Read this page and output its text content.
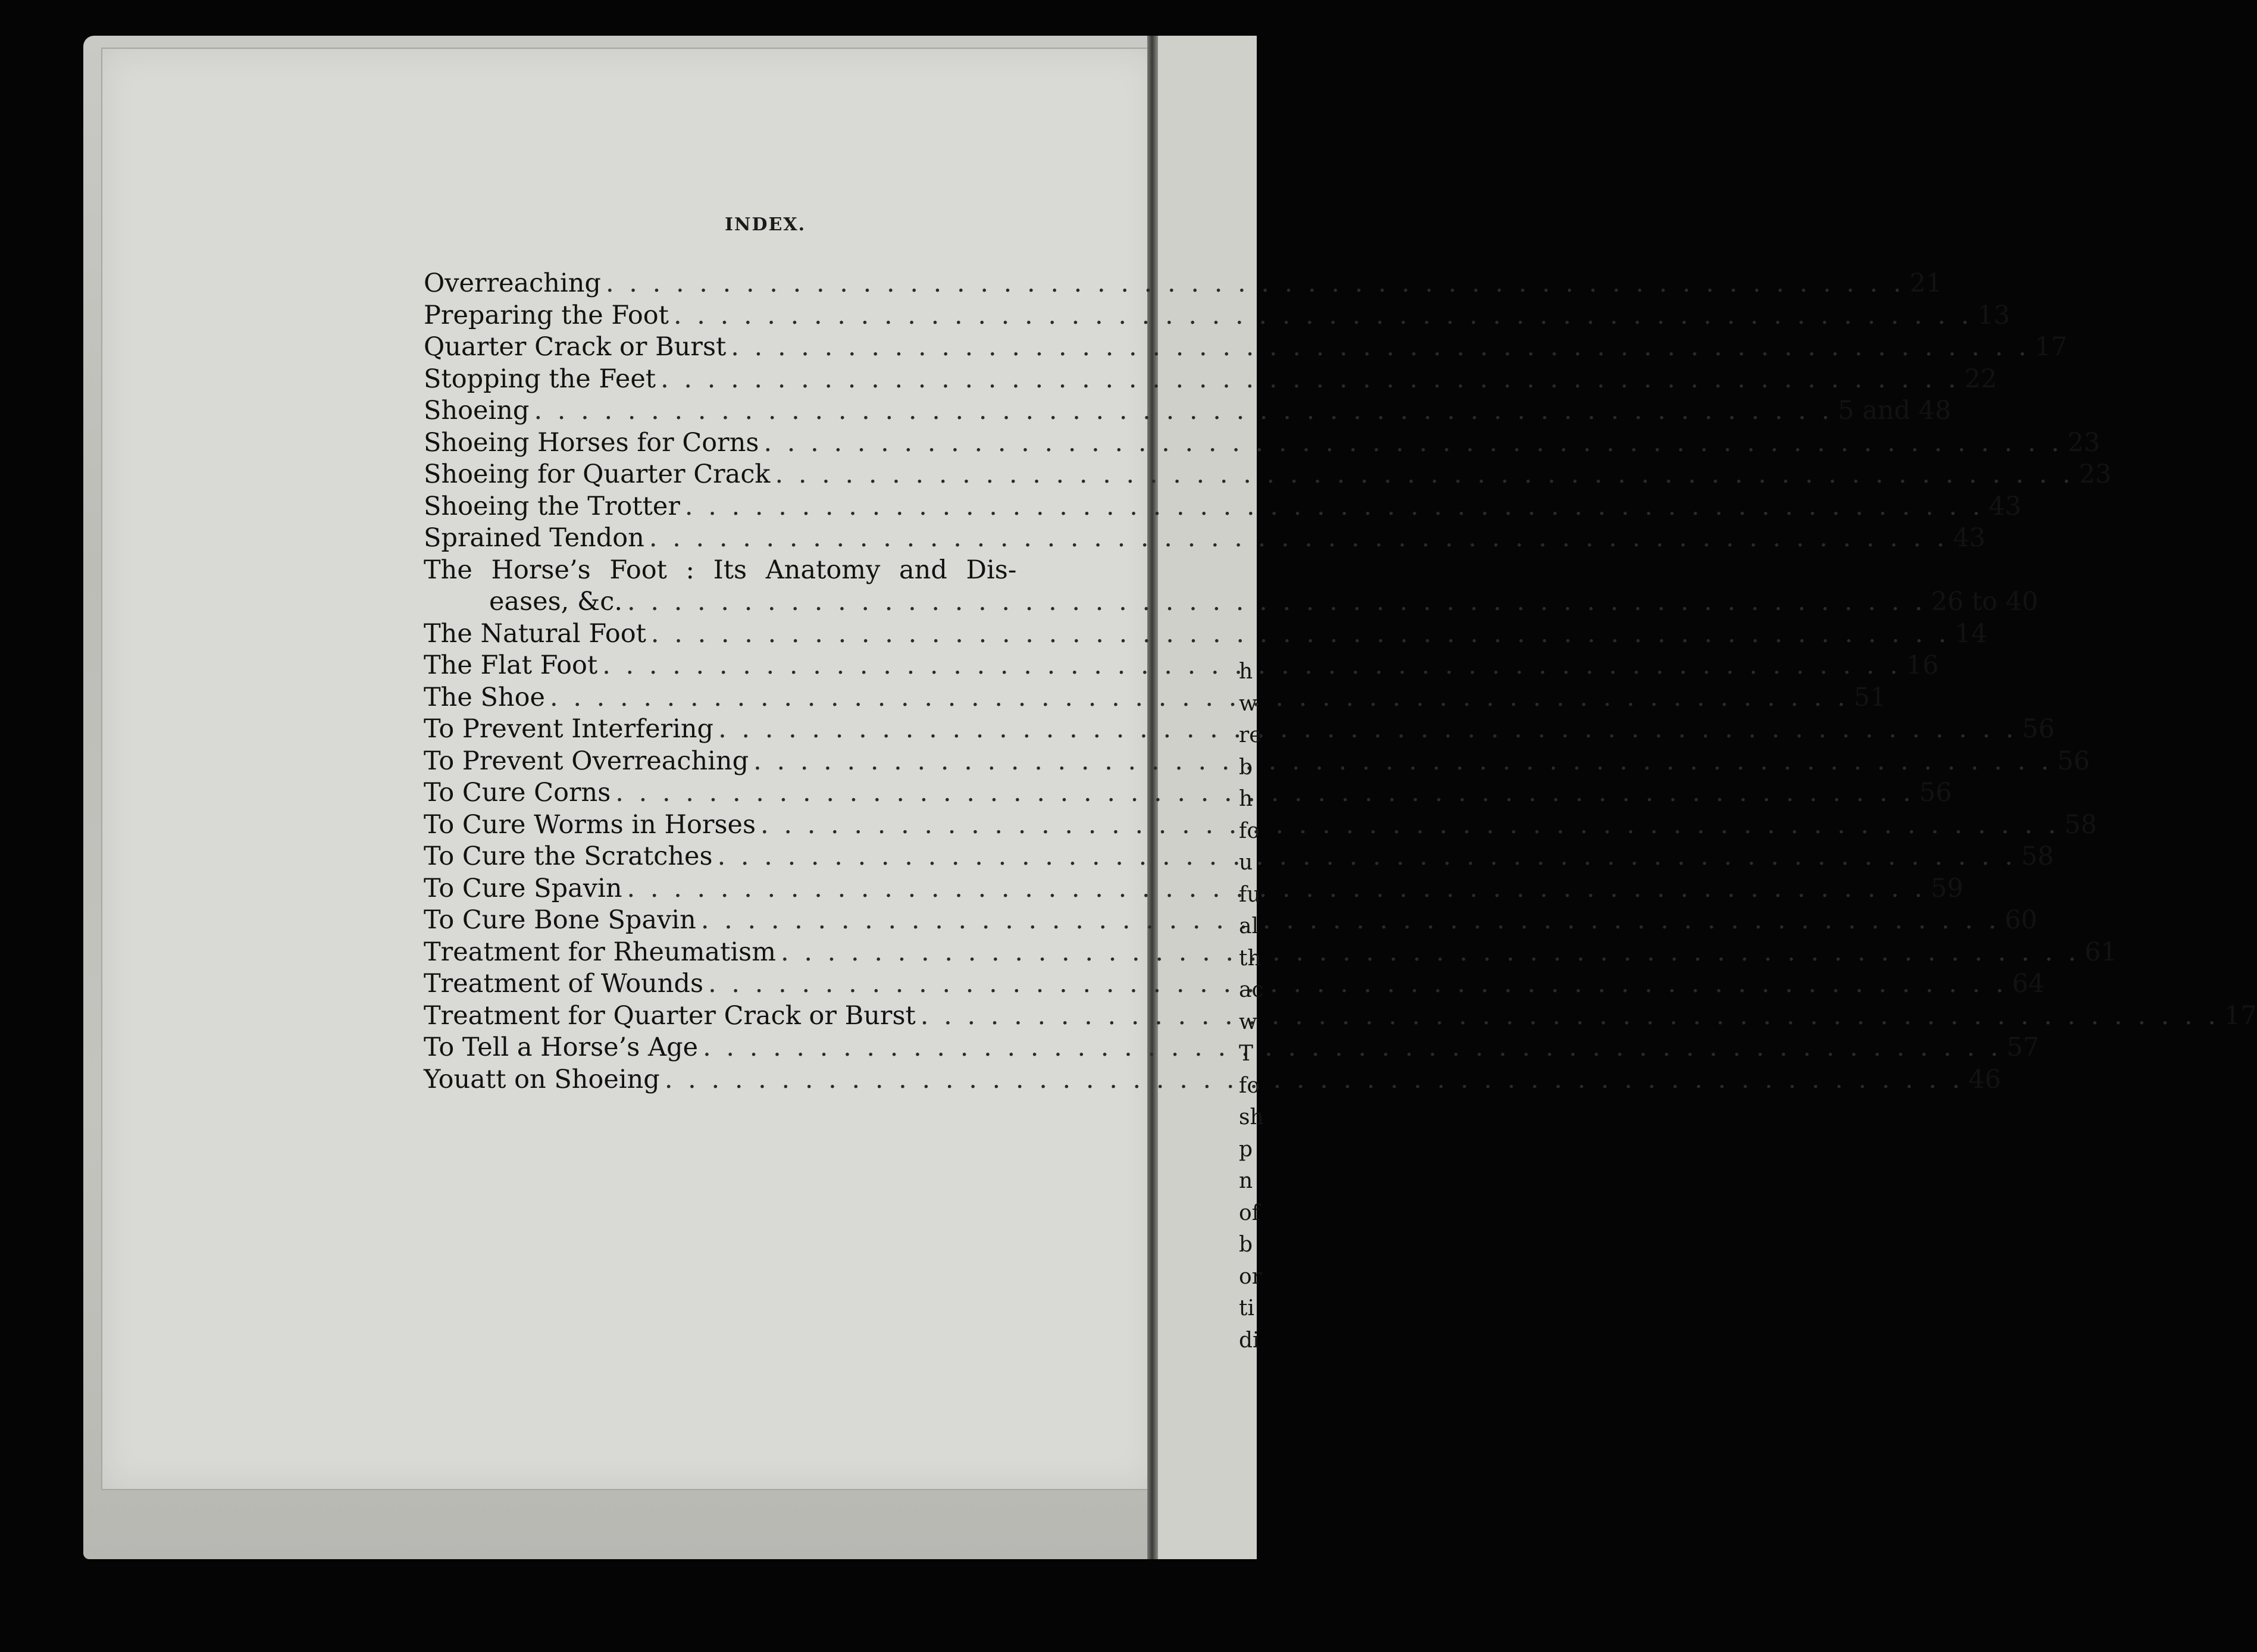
INDEX.
Overreaching . . .	21
Preparing the Foot . . .	13
Quarter Crack or Burst . . .	17
Stopping the Feet . . .	22
Shoeing . . .	5 and 48
Shoeing Horses for Corns . . .	23
Shoeing for Quarter Crack . . .	23
Shoeing the Trotter . . .	43
Sprained Tendon . . .	43
The Horse’s Foot : Its Anatomy and Dis-
eases, &c. . . .	26 to 40
The Natural Foot . . .	14
The Flat Foot . . .	16
The Shoe . . .	51
To Prevent Interfering . . .	56
To Prevent Overreaching . . .	56
To Cure Corns . . .	56
To Cure Worms in Horses . . .	58
To Cure the Scratches . . .	58
To Cure Spavin . . .	59
To Cure Bone Spavin . . .	60
Treatment for Rheumatism . . .	61
Treatment of Wounds . . .	64
Treatment for Quarter Crack or Burst . . .	17
To Tell a Horse’s Age . . .	57
Youatt on Shoeing . . .	46
h
w
re
b
h
fo
u
fu
al
th
ac
w
T
fo
sh
p
n
of
b
or
ti
di
